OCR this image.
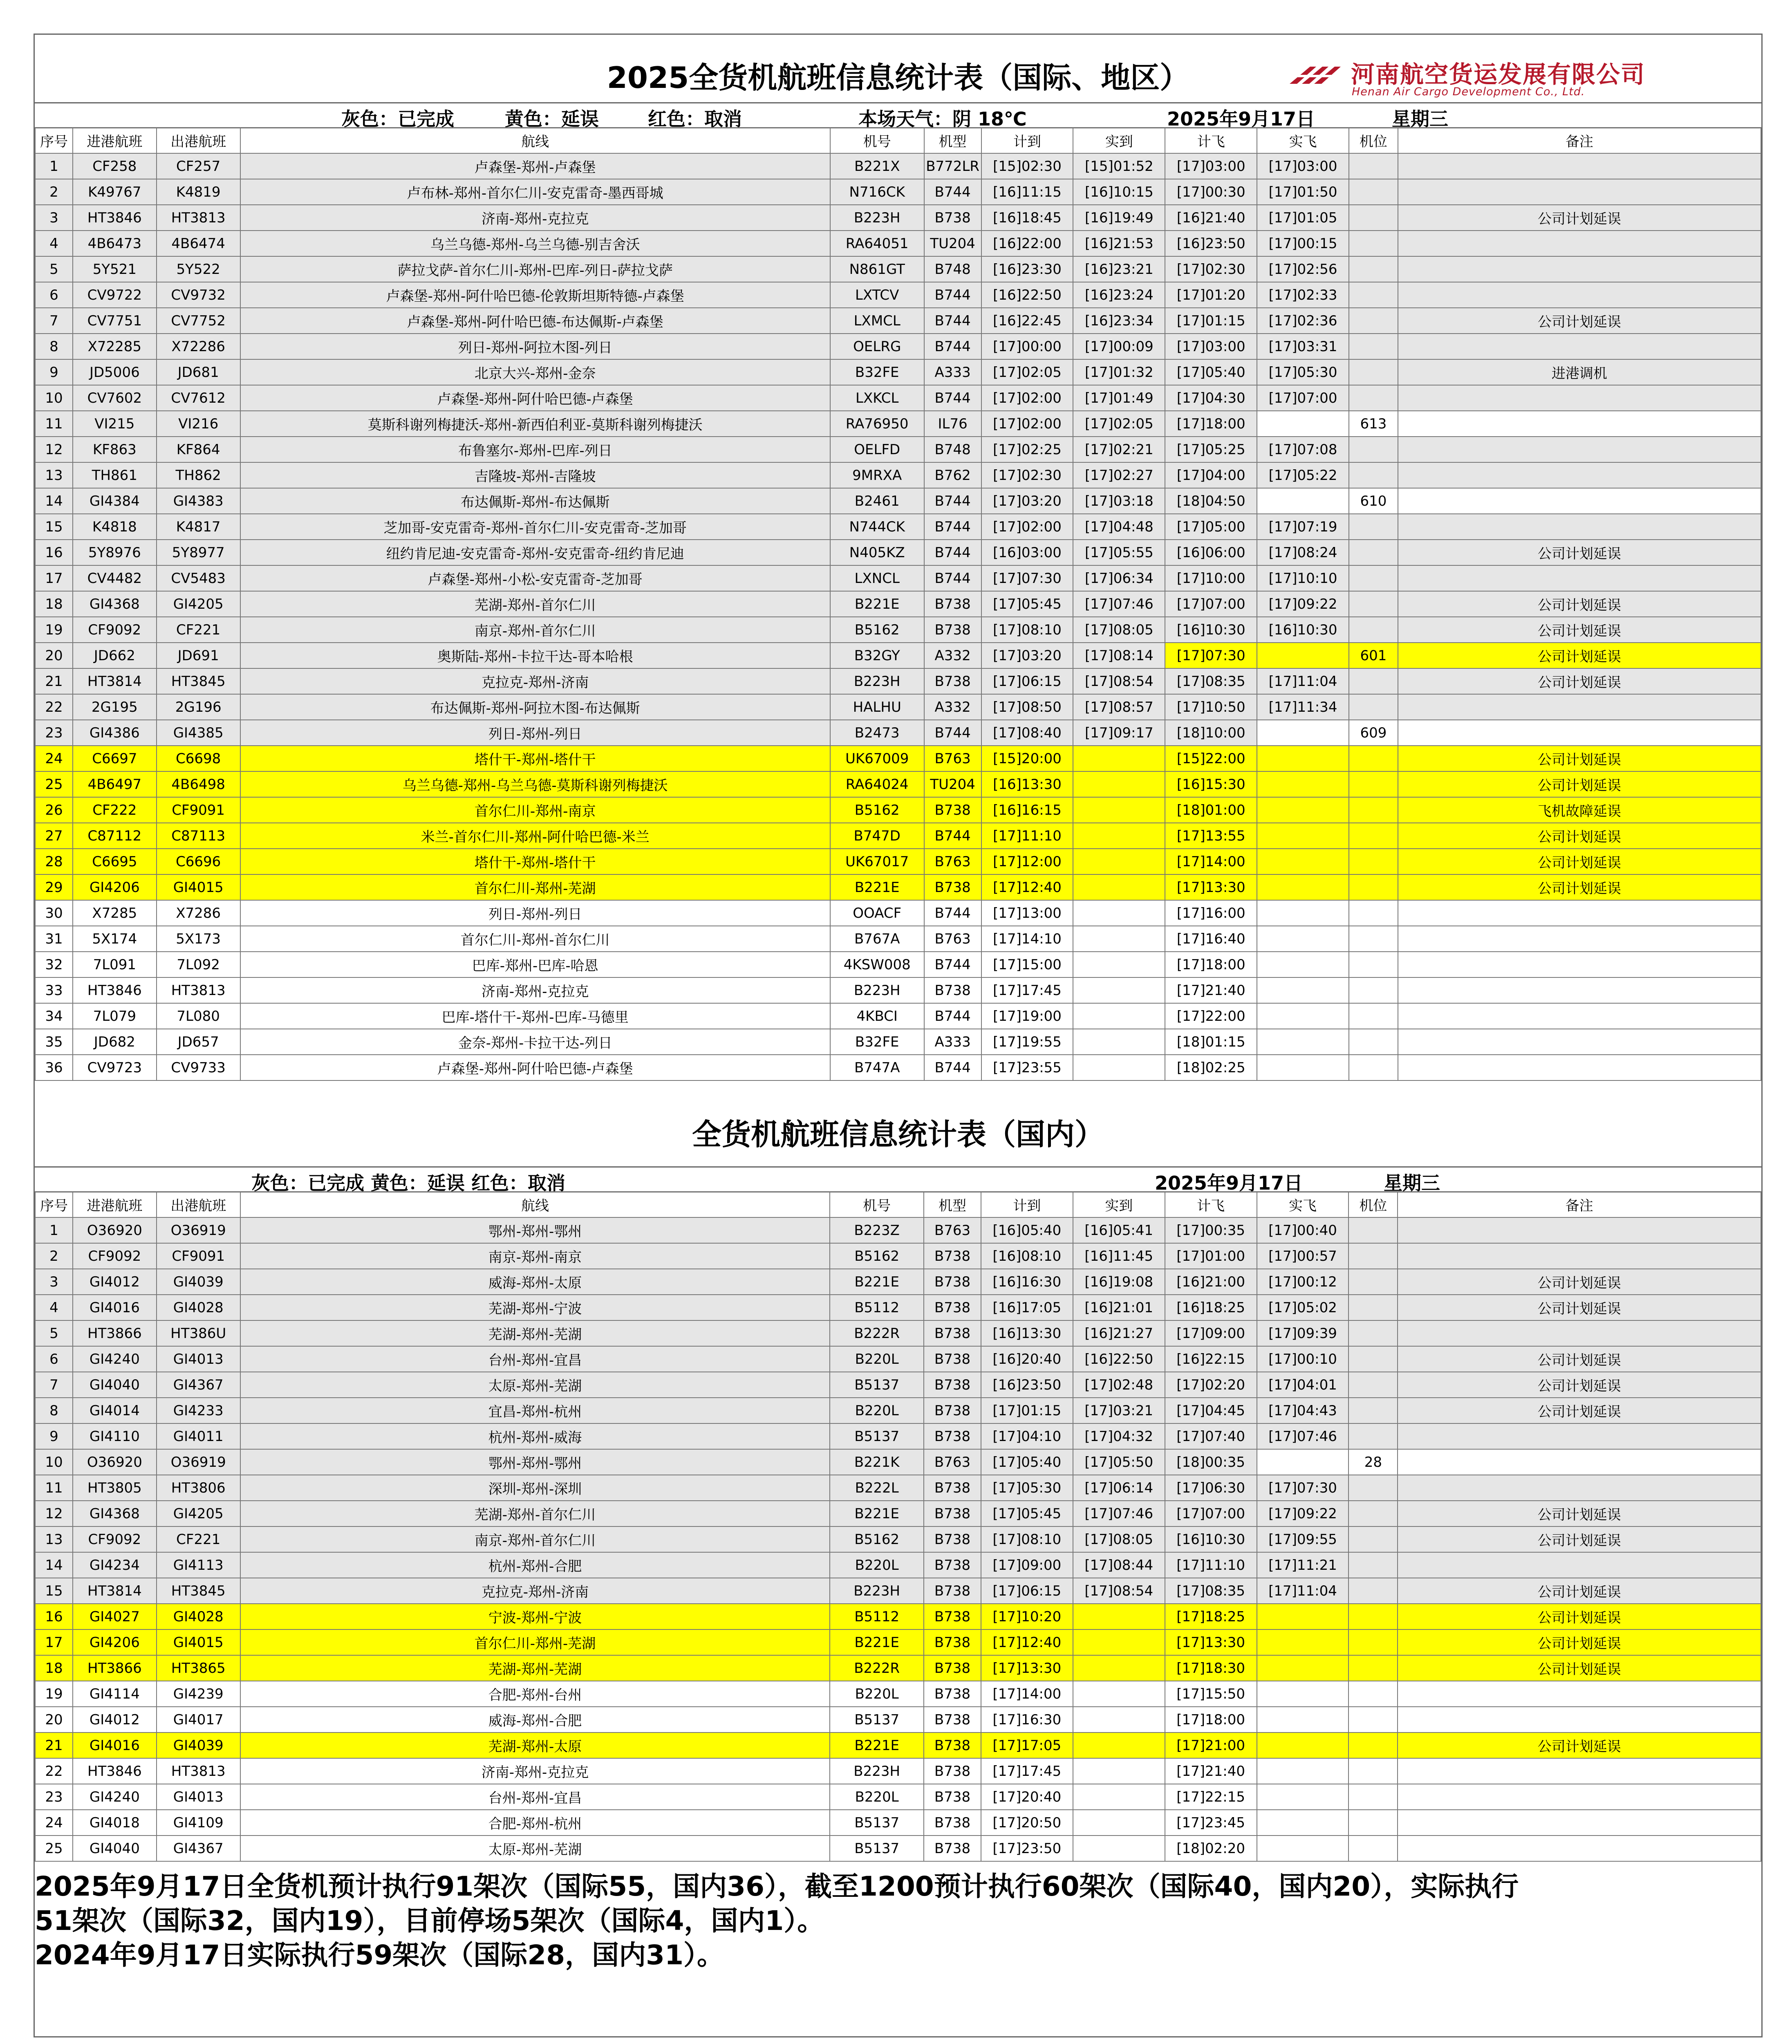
2025全货机航班信息统计表（国际、地区）	河南航空货运发展有限公司
Henan Air Cargo Development Co., Ltd.
灰色：已完成	黄色：延误	红色：取消	本场天气：阴 18℃	2025年9月17日	星期三
序号	进港航班	出港航班	航线	机号	机型	计到	实到	计飞	实飞	机位	备注
1	CF258	CF257	卢森堡-郑州-卢森堡	B221X	B772LR	[15]02:30	[15]01:52	[17]03:00	[17]03:00		
2	K49767	K4819	卢布林-郑州-首尔仁川-安克雷奇-墨西哥城	N716CK	B744	[16]11:15	[16]10:15	[17]00:30	[17]01:50		
3	HT3846	HT3813	济南-郑州-克拉克	B223H	B738	[16]18:45	[16]19:49	[16]21:40	[17]01:05		公司计划延误
4	4B6473	4B6474	乌兰乌德-郑州-乌兰乌德-别吉舍沃	RA64051	TU204	[16]22:00	[16]21:53	[16]23:50	[17]00:15		
5	5Y521	5Y522	萨拉戈萨-首尔仁川-郑州-巴库-列日-萨拉戈萨	N861GT	B748	[16]23:30	[16]23:21	[17]02:30	[17]02:56		
6	CV9722	CV9732	卢森堡-郑州-阿什哈巴德-伦敦斯坦斯特德-卢森堡	LXTCV	B744	[16]22:50	[16]23:24	[17]01:20	[17]02:33		
7	CV7751	CV7752	卢森堡-郑州-阿什哈巴德-布达佩斯-卢森堡	LXMCL	B744	[16]22:45	[16]23:34	[17]01:15	[17]02:36		公司计划延误
8	X72285	X72286	列日-郑州-阿拉木图-列日	OELRG	B744	[17]00:00	[17]00:09	[17]03:00	[17]03:31		
9	JD5006	JD681	北京大兴-郑州-金奈	B32FE	A333	[17]02:05	[17]01:32	[17]05:40	[17]05:30		进港调机
10	CV7602	CV7612	卢森堡-郑州-阿什哈巴德-卢森堡	LXKCL	B744	[17]02:00	[17]01:49	[17]04:30	[17]07:00		
11	VI215	VI216	莫斯科谢列梅捷沃-郑州-新西伯利亚-莫斯科谢列梅捷沃	RA76950	IL76	[17]02:00	[17]02:05	[17]18:00		613	
12	KF863	KF864	布鲁塞尔-郑州-巴库-列日	OELFD	B748	[17]02:25	[17]02:21	[17]05:25	[17]07:08		
13	TH861	TH862	吉隆坡-郑州-吉隆坡	9MRXA	B762	[17]02:30	[17]02:27	[17]04:00	[17]05:22		
14	GI4384	GI4383	布达佩斯-郑州-布达佩斯	B2461	B744	[17]03:20	[17]03:18	[18]04:50		610	
15	K4818	K4817	芝加哥-安克雷奇-郑州-首尔仁川-安克雷奇-芝加哥	N744CK	B744	[17]02:00	[17]04:48	[17]05:00	[17]07:19		
16	5Y8976	5Y8977	纽约肯尼迪-安克雷奇-郑州-安克雷奇-纽约肯尼迪	N405KZ	B744	[16]03:00	[17]05:55	[16]06:00	[17]08:24		公司计划延误
17	CV4482	CV5483	卢森堡-郑州-小松-安克雷奇-芝加哥	LXNCL	B744	[17]07:30	[17]06:34	[17]10:00	[17]10:10		
18	GI4368	GI4205	芜湖-郑州-首尔仁川	B221E	B738	[17]05:45	[17]07:46	[17]07:00	[17]09:22		公司计划延误
19	CF9092	CF221	南京-郑州-首尔仁川	B5162	B738	[17]08:10	[17]08:05	[16]10:30	[16]10:30		公司计划延误
20	JD662	JD691	奥斯陆-郑州-卡拉干达-哥本哈根	B32GY	A332	[17]03:20	[17]08:14	[17]07:30		601	公司计划延误
21	HT3814	HT3845	克拉克-郑州-济南	B223H	B738	[17]06:15	[17]08:54	[17]08:35	[17]11:04		公司计划延误
22	2G195	2G196	布达佩斯-郑州-阿拉木图-布达佩斯	HALHU	A332	[17]08:50	[17]08:57	[17]10:50	[17]11:34		
23	GI4386	GI4385	列日-郑州-列日	B2473	B744	[17]08:40	[17]09:17	[18]10:00		609	
24	C6697	C6698	塔什干-郑州-塔什干	UK67009	B763	[15]20:00		[15]22:00			公司计划延误
25	4B6497	4B6498	乌兰乌德-郑州-乌兰乌德-莫斯科谢列梅捷沃	RA64024	TU204	[16]13:30		[16]15:30			公司计划延误
26	CF222	CF9091	首尔仁川-郑州-南京	B5162	B738	[16]16:15		[18]01:00			飞机故障延误
27	C87112	C87113	米兰-首尔仁川-郑州-阿什哈巴德-米兰	B747D	B744	[17]11:10		[17]13:55			公司计划延误
28	C6695	C6696	塔什干-郑州-塔什干	UK67017	B763	[17]12:00		[17]14:00			公司计划延误
29	GI4206	GI4015	首尔仁川-郑州-芜湖	B221E	B738	[17]12:40		[17]13:30			公司计划延误
30	X7285	X7286	列日-郑州-列日	OOACF	B744	[17]13:00		[17]16:00			
31	5X174	5X173	首尔仁川-郑州-首尔仁川	B767A	B763	[17]14:10		[17]16:40			
32	7L091	7L092	巴库-郑州-巴库-哈恩	4KSW008	B744	[17]15:00		[17]18:00			
33	HT3846	HT3813	济南-郑州-克拉克	B223H	B738	[17]17:45		[17]21:40			
34	7L079	7L080	巴库-塔什干-郑州-巴库-马德里	4KBCI	B744	[17]19:00		[17]22:00			
35	JD682	JD657	金奈-郑州-卡拉干达-列日	B32FE	A333	[17]19:55		[18]01:15			
36	CV9723	CV9733	卢森堡-郑州-阿什哈巴德-卢森堡	B747A	B744	[17]23:55		[18]02:25			
全货机航班信息统计表（国内）
灰色：已完成 黄色：延误 红色：取消	2025年9月17日	星期三
序号	进港航班	出港航班	航线	机号	机型	计到	实到	计飞	实飞	机位	备注
1	O36920	O36919	鄂州-郑州-鄂州	B223Z	B763	[16]05:40	[16]05:41	[17]00:35	[17]00:40		
2	CF9092	CF9091	南京-郑州-南京	B5162	B738	[16]08:10	[16]11:45	[17]01:00	[17]00:57		
3	GI4012	GI4039	威海-郑州-太原	B221E	B738	[16]16:30	[16]19:08	[16]21:00	[17]00:12		公司计划延误
4	GI4016	GI4028	芜湖-郑州-宁波	B5112	B738	[16]17:05	[16]21:01	[16]18:25	[17]05:02		公司计划延误
5	HT3866	HT386U	芜湖-郑州-芜湖	B222R	B738	[16]13:30	[16]21:27	[17]09:00	[17]09:39		
6	GI4240	GI4013	台州-郑州-宜昌	B220L	B738	[16]20:40	[16]22:50	[16]22:15	[17]00:10		公司计划延误
7	GI4040	GI4367	太原-郑州-芜湖	B5137	B738	[16]23:50	[17]02:48	[17]02:20	[17]04:01		公司计划延误
8	GI4014	GI4233	宜昌-郑州-杭州	B220L	B738	[17]01:15	[17]03:21	[17]04:45	[17]04:43		公司计划延误
9	GI4110	GI4011	杭州-郑州-威海	B5137	B738	[17]04:10	[17]04:32	[17]07:40	[17]07:46		
10	O36920	O36919	鄂州-郑州-鄂州	B221K	B763	[17]05:40	[17]05:50	[18]00:35		28	
11	HT3805	HT3806	深圳-郑州-深圳	B222L	B738	[17]05:30	[17]06:14	[17]06:30	[17]07:30		
12	GI4368	GI4205	芜湖-郑州-首尔仁川	B221E	B738	[17]05:45	[17]07:46	[17]07:00	[17]09:22		公司计划延误
13	CF9092	CF221	南京-郑州-首尔仁川	B5162	B738	[17]08:10	[17]08:05	[16]10:30	[17]09:55		公司计划延误
14	GI4234	GI4113	杭州-郑州-合肥	B220L	B738	[17]09:00	[17]08:44	[17]11:10	[17]11:21		
15	HT3814	HT3845	克拉克-郑州-济南	B223H	B738	[17]06:15	[17]08:54	[17]08:35	[17]11:04		公司计划延误
16	GI4027	GI4028	宁波-郑州-宁波	B5112	B738	[17]10:20		[17]18:25			公司计划延误
17	GI4206	GI4015	首尔仁川-郑州-芜湖	B221E	B738	[17]12:40		[17]13:30			公司计划延误
18	HT3866	HT3865	芜湖-郑州-芜湖	B222R	B738	[17]13:30		[17]18:30			公司计划延误
19	GI4114	GI4239	合肥-郑州-台州	B220L	B738	[17]14:00		[17]15:50			
20	GI4012	GI4017	威海-郑州-合肥	B5137	B738	[17]16:30		[17]18:00			
21	GI4016	GI4039	芜湖-郑州-太原	B221E	B738	[17]17:05		[17]21:00			公司计划延误
22	HT3846	HT3813	济南-郑州-克拉克	B223H	B738	[17]17:45		[17]21:40			
23	GI4240	GI4013	台州-郑州-宜昌	B220L	B738	[17]20:40		[17]22:15			
24	GI4018	GI4109	合肥-郑州-杭州	B5137	B738	[17]20:50		[17]23:45			
25	GI4040	GI4367	太原-郑州-芜湖	B5137	B738	[17]23:50		[18]02:20			
2025年9月17日全货机预计执行91架次（国际55，国内36），截至1200预计执行60架次（国际40，国内20），实际执行
51架次（国际32，国内19），目前停场5架次（国际4，国内1）。
2024年9月17日实际执行59架次（国际28，国内31）。
